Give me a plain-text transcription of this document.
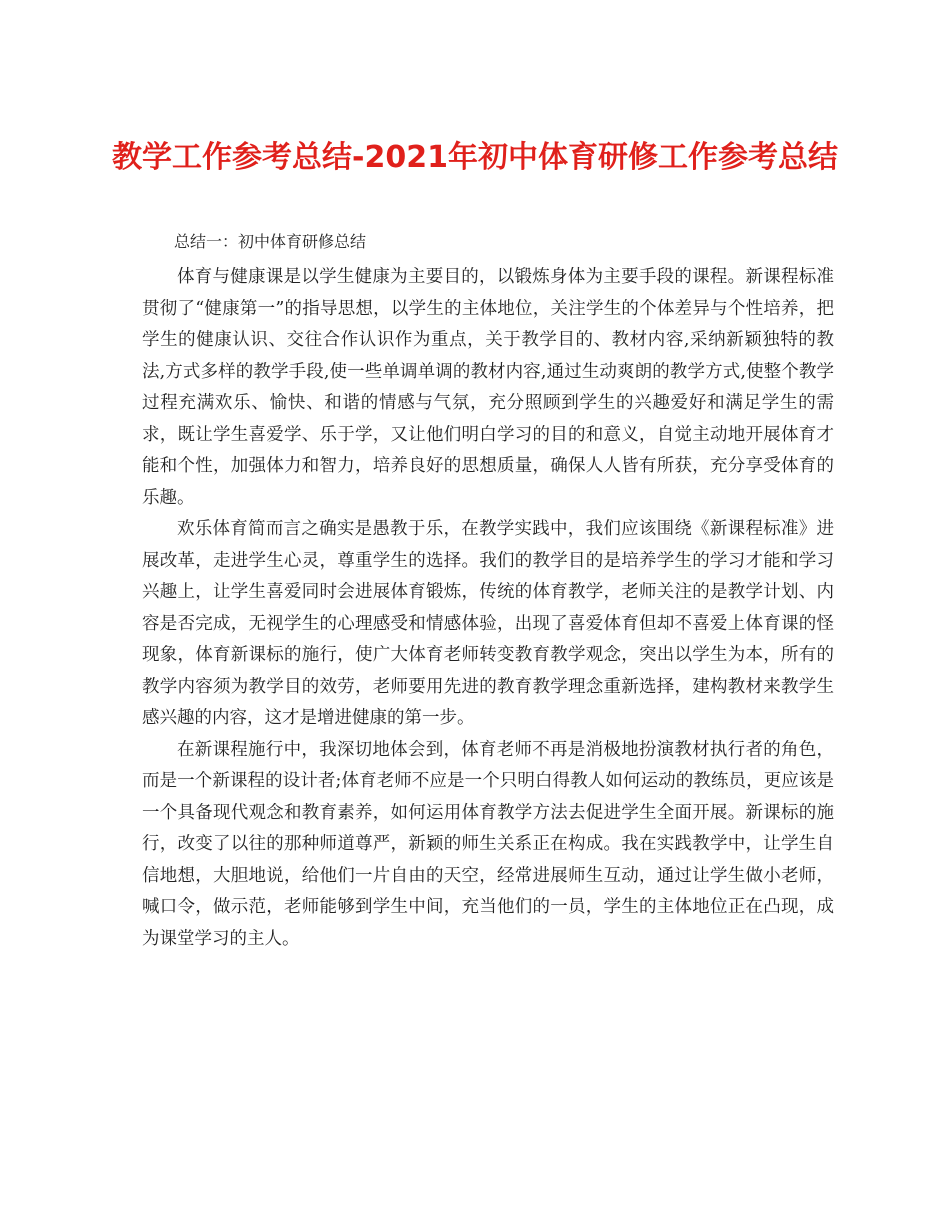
教学工作参考总结-2021年初中体育研修工作参考总结

总结一：初中体育研修总结

体育与健康课是以学生健康为主要目的，以锻炼身体为主要手段的课程。新课程标准贯彻了“健康第一”的指导思想，以学生的主体地位，关注学生的个体差异与个性培养，把学生的健康认识、交往合作认识作为重点，关于教学目的、教材内容,采纳新颖独特的教法,方式多样的教学手段,使一些单调单调的教材内容,通过生动爽朗的教学方式,使整个教学过程充满欢乐、愉快、和谐的情感与气氛，充分照顾到学生的兴趣爱好和满足学生的需求，既让学生喜爱学、乐于学，又让他们明白学习的目的和意义，自觉主动地开展体育才能和个性，加强体力和智力，培养良好的思想质量，确保人人皆有所获，充分享受体育的乐趣。

欢乐体育简而言之确实是愚教于乐，在教学实践中，我们应该围绕《新课程标准》进展改革，走进学生心灵，尊重学生的选择。我们的教学目的是培养学生的学习才能和学习兴趣上，让学生喜爱同时会进展体育锻炼，传统的体育教学，老师关注的是教学计划、内容是否完成，无视学生的心理感受和情感体验，出现了喜爱体育但却不喜爱上体育课的怪现象，体育新课标的施行，使广大体育老师转变教育教学观念，突出以学生为本，所有的教学内容须为教学目的效劳，老师要用先进的教育教学理念重新选择，建构教材来教学生感兴趣的内容，这才是增进健康的第一步。

在新课程施行中，我深切地体会到，体育老师不再是消极地扮演教材执行者的角色，而是一个新课程的设计者;体育老师不应是一个只明白得教人如何运动的教练员，更应该是一个具备现代观念和教育素养，如何运用体育教学方法去促进学生全面开展。新课标的施行，改变了以往的那种师道尊严，新颖的师生关系正在构成。我在实践教学中，让学生自信地想，大胆地说，给他们一片自由的天空，经常进展师生互动，通过让学生做小老师，喊口令，做示范，老师能够到学生中间，充当他们的一员，学生的主体地位正在凸现，成为课堂学习的主人。
